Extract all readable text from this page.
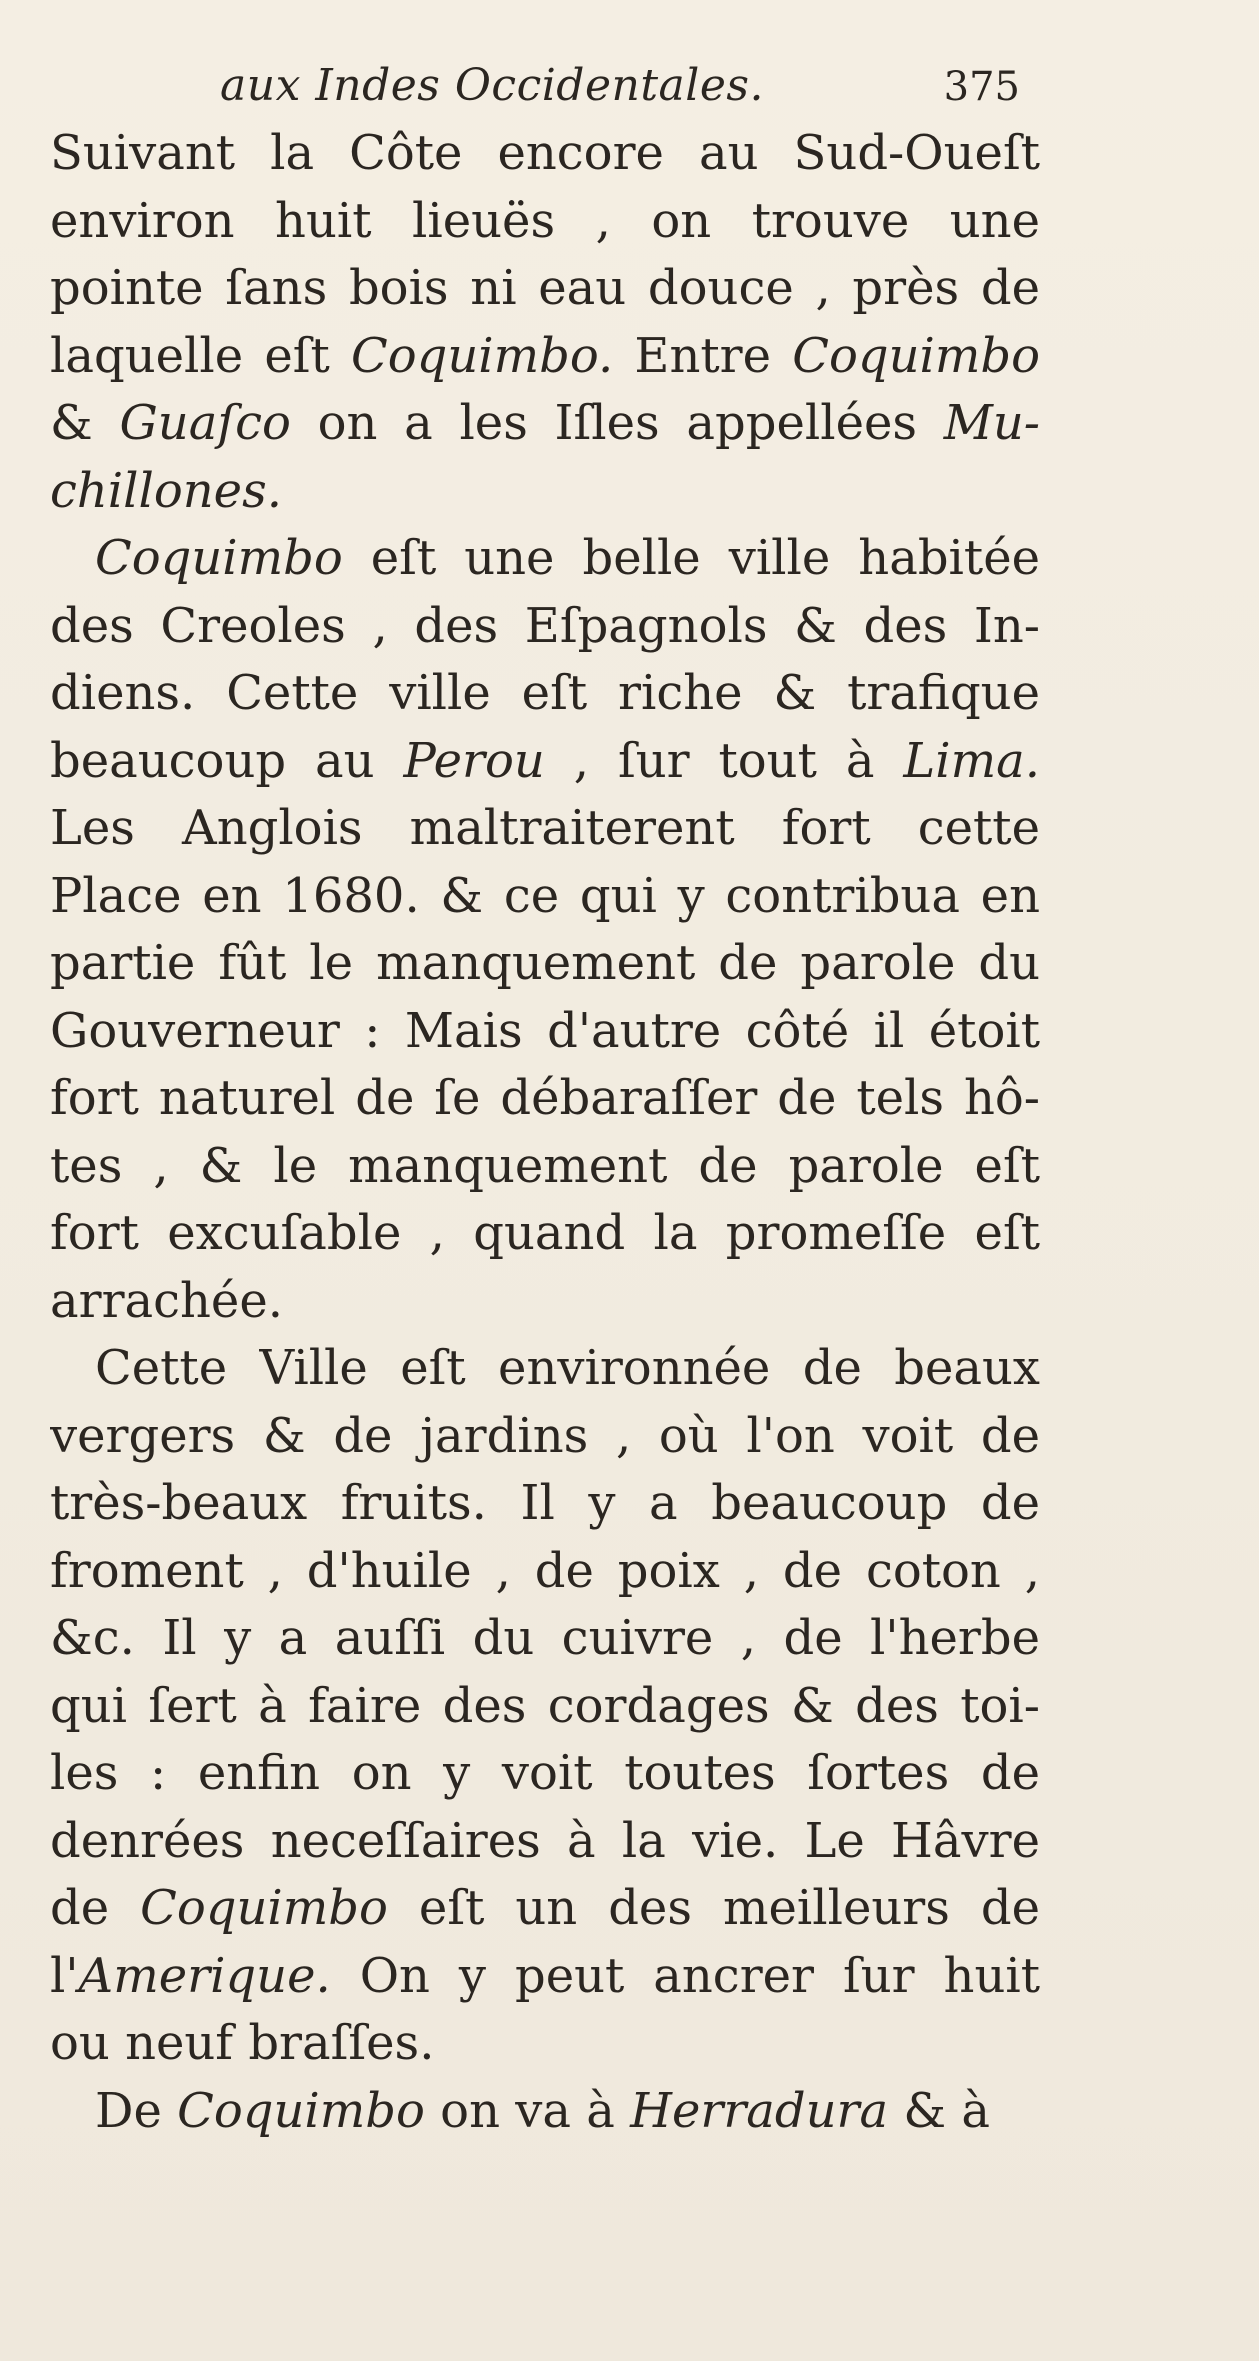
aux Indes Occidentales.	375
Suivant la Côte encore au Sud-Oueſt
environ huit lieuës , on trouve une
pointe ſans bois ni eau douce , près de
laquelle eſt Coquimbo. Entre Coquimbo
& Guaſco on a les Iſles appellées Mu-
chillones.
Coquimbo eſt une belle ville habitée
des Creoles , des Eſpagnols & des In-
diens. Cette ville eſt riche & trafique
beaucoup au Perou , ſur tout à Lima.
Les Anglois maltraiterent fort cette
Place en 1680. & ce qui y contribua en
partie fût le manquement de parole du
Gouverneur : Mais d'autre côté il étoit
fort naturel de ſe débaraſſer de tels hô-
tes , & le manquement de parole eſt
fort excuſable , quand la promeſſe eſt
arrachée.
Cette Ville eſt environnée de beaux
vergers & de jardins , où l'on voit de
très-beaux fruits. Il y a beaucoup de
froment , d'huile , de poix , de coton ,
&c. Il y a auſſi du cuivre , de l'herbe
qui ſert à faire des cordages & des toi-
les : enfin on y voit toutes ſortes de
denrées neceſſaires à la vie. Le Hâvre
de Coquimbo eſt un des meilleurs de
l'Amerique. On y peut ancrer ſur huit
ou neuf braſſes.
De Coquimbo on va à Herradura & à
